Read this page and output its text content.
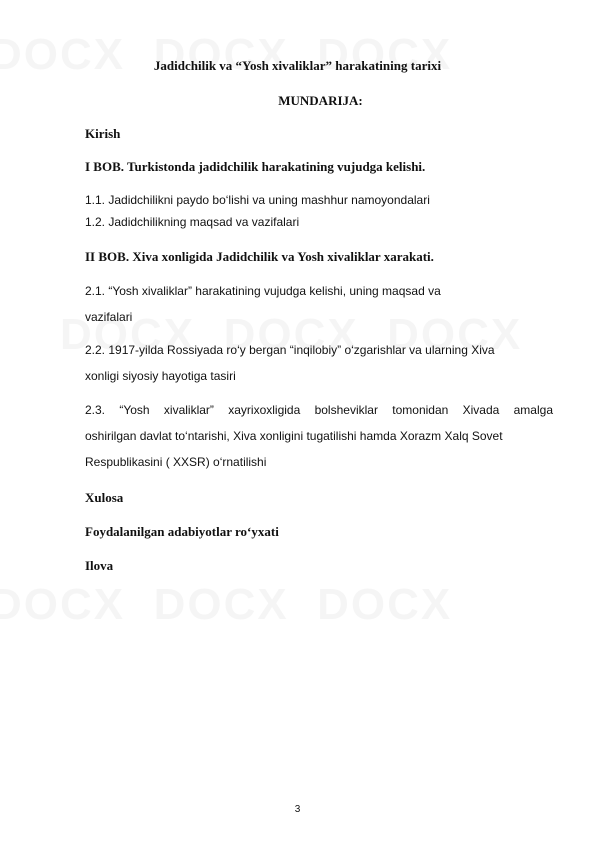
Jadidchilik va “Yosh xivaliklar” harakatining tarixi
MUNDARIJA:
Kirish
I BOB. Turkistonda jadidchilik harakatining vujudga kelishi.
1.1. Jadidchilikni paydo bo‘lishi va uning mashhur namoyondalari
1.2. Jadidchilikning maqsad va vazifalari
II BOB. Xiva xonligida Jadidchilik va Yosh xivaliklar xarakati.
2.1. “Yosh xivaliklar” harakatining vujudga kelishi, uning maqsad va
vazifalari
2.2. 1917-yilda Rossiyada ro‘y bergan “inqilobiy” o‘zgarishlar va ularning Xiva
xonligi siyosiy hayotiga tasiri
2.3. “Yosh xivaliklar” xayrixoxligida bolsheviklar tomonidan Xivada amalga
oshirilgan davlat to‘ntarishi, Xiva xonligini tugatilishi hamda Xorazm Xalq Sovet
Respublikasini ( XXSR) o‘rnatilishi
Xulosa
Foydalanilgan adabiyotlar ro‘yxati
Ilova
3
